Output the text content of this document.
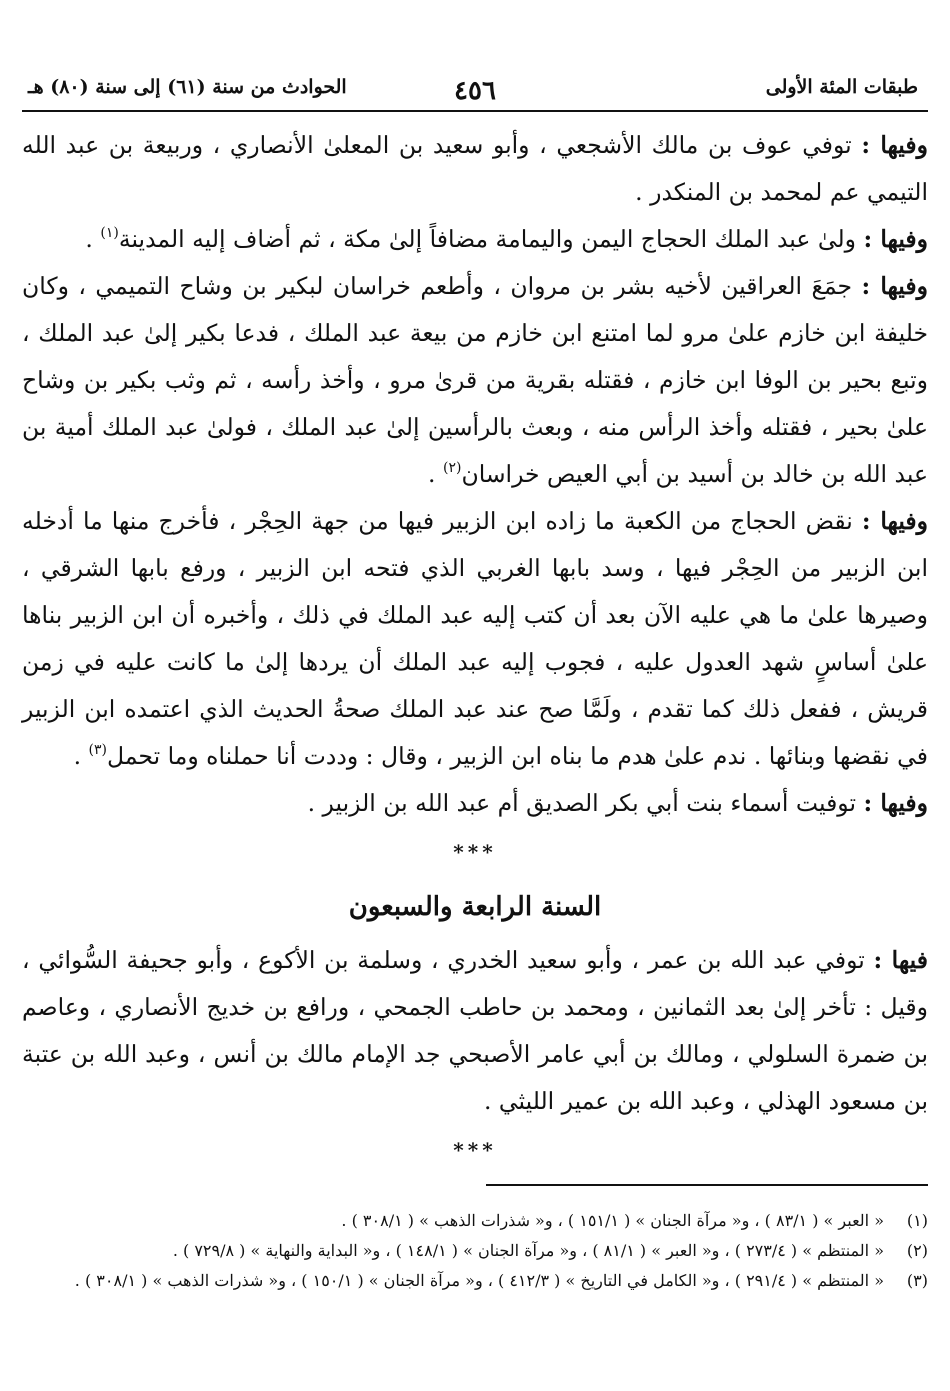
طبقات المئة الأولى
٤٥٦
الحوادث من سنة (٦١) إلى سنة (٨٠) هـ

وفيها : توفي عوف بن مالك الأشجعي ، وأبو سعيد بن المعلىٰ الأنصاري ، وربيعة بن عبد الله التيمي عم لمحمد بن المنكدر .

وفيها : ولىٰ عبد الملك الحجاج اليمن واليمامة مضافاً إلىٰ مكة ، ثم أضاف إليه المدينة$^{(١)}$ .

وفيها : جمَعَ العراقين لأخيه بشر بن مروان ، وأطعم خراسان لبكير بن وشاح التميمي ، وكان خليفة ابن خازم علىٰ مرو لما امتنع ابن خازم من بيعة عبد الملك ، فدعا بكير إلىٰ عبد الملك ، وتبع بحير بن الوفا ابن خازم ، فقتله بقرية من قرىٰ مرو ، وأخذ رأسه ، ثم وثب بكير بن وشاح علىٰ بحير ، فقتله وأخذ الرأس منه ، وبعث بالرأسين إلىٰ عبد الملك ، فولىٰ عبد الملك أمية بن عبد الله بن خالد بن أسيد بن أبي العيص خراسان$^{(٢)}$ .

وفيها : نقض الحجاج من الكعبة ما زاده ابن الزبير فيها من جهة الحِجْر ، فأخرج منها ما أدخله ابن الزبير من الحِجْر فيها ، وسد بابها الغربي الذي فتحه ابن الزبير ، ورفع بابها الشرقي ، وصيرها علىٰ ما هي عليه الآن بعد أن كتب إليه عبد الملك في ذلك ، وأخبره أن ابن الزبير بناها علىٰ أساسٍ شهد العدول عليه ، فجوب إليه عبد الملك أن يردها إلىٰ ما كانت عليه في زمن قريش ، ففعل ذلك كما تقدم ، ولَمَّا صح عند عبد الملك صحةُ الحديث الذي اعتمده ابن الزبير في نقضها وبنائها . ندم علىٰ هدم ما بناه ابن الزبير ، وقال : وددت أنا حملناه وما تحمل$^{(٣)}$ .

وفيها : توفيت أسماء بنت أبي بكر الصديق أم عبد الله بن الزبير .

***

السنة الرابعة والسبعون

فيها : توفي عبد الله بن عمر ، وأبو سعيد الخدري ، وسلمة بن الأكوع ، وأبو جحيفة السُّوائي ، وقيل : تأخر إلىٰ بعد الثمانين ، ومحمد بن حاطب الجمحي ، ورافع بن خديج الأنصاري ، وعاصم بن ضمرة السلولي ، ومالك بن أبي عامر الأصبحي جد الإمام مالك بن أنس ، وعبد الله بن عتبة بن مسعود الهذلي ، وعبد الله بن عمير الليثي .

***

(١)
« العبر » ( ٨٣/١ ) ، و« مرآة الجنان » ( ١٥١/١ ) ، و« شذرات الذهب » ( ٣٠٨/١ ) .
(٢)
« المنتظم » ( ٢٧٣/٤ ) ، و« العبر » ( ٨١/١ ) ، و« مرآة الجنان » ( ١٤٨/١ ) ، و« البداية والنهاية » ( ٧٢٩/٨ ) .
(٣)
« المنتظم » ( ٢٩١/٤ ) ، و« الكامل في التاريخ » ( ٤١٢/٣ ) ، و« مرآة الجنان » ( ١٥٠/١ ) ، و« شذرات الذهب » ( ٣٠٨/١ ) .
